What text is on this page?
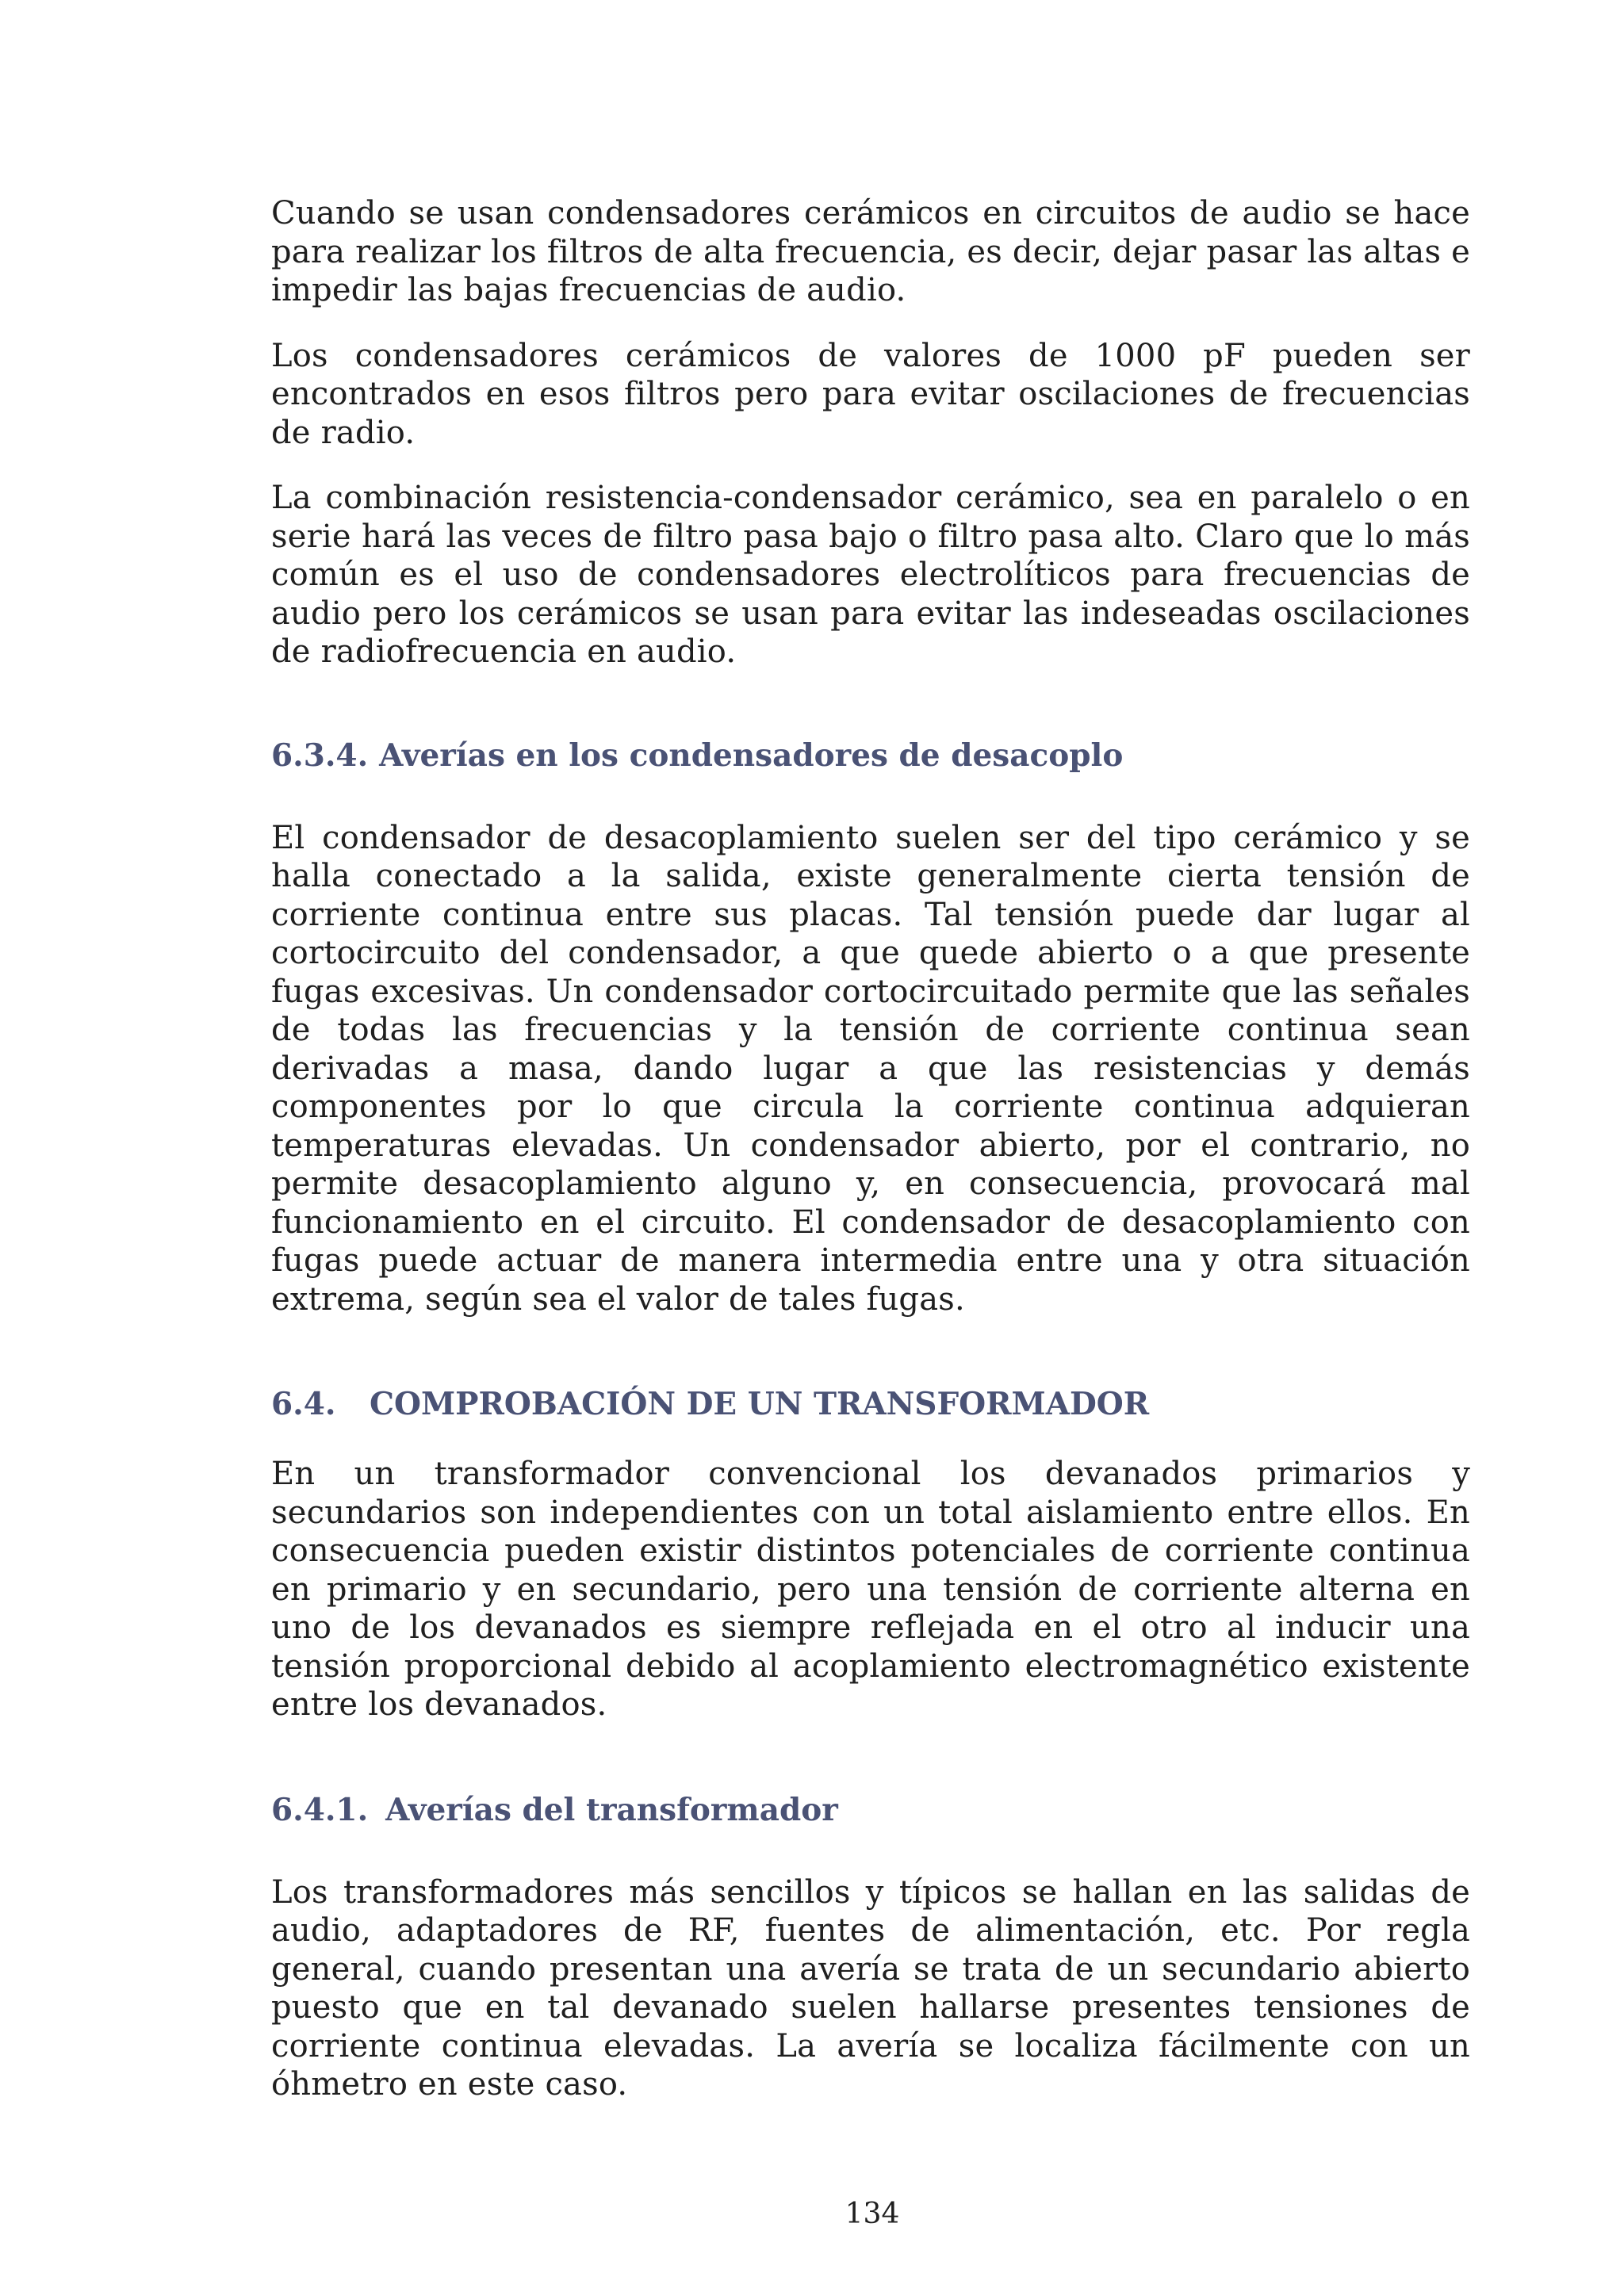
Cuando se usan condensadores cerámicos en circuitos de audio se hace para realizar los filtros de alta frecuencia, es decir, dejar pasar las altas e impedir las bajas frecuencias de audio.

Los condensadores cerámicos de valores de 1000 pF pueden ser encontrados en esos filtros pero para evitar oscilaciones de frecuencias de radio.

La combinación resistencia-condensador cerámico, sea en paralelo o en serie hará las veces de filtro pasa bajo o filtro pasa alto. Claro que lo más común es el uso de condensadores electrolíticos para frecuencias de audio pero los cerámicos se usan para evitar las indeseadas oscilaciones de radiofrecuencia en audio.

6.3.4. Averías en los condensadores de desacoplo

El condensador de desacoplamiento suelen ser del tipo cerámico y se halla conectado a la salida, existe generalmente cierta tensión de corriente continua entre sus placas. Tal tensión puede dar lugar al cortocircuito del condensador, a que quede abierto o a que presente fugas excesivas. Un condensador cortocircuitado permite que las señales de todas las frecuencias y la tensión de corriente continua sean derivadas a masa, dando lugar a que las resistencias y demás componentes por lo que circula la corriente continua adquieran temperaturas elevadas. Un condensador abierto, por el contrario, no permite desacoplamiento alguno y, en consecuencia, provocará mal funcionamiento en el circuito. El condensador de desacoplamiento con fugas puede actuar de manera intermedia entre una y otra situación extrema, según sea el valor de tales fugas.

6.4. COMPROBACIÓN DE UN TRANSFORMADOR

En un transformador convencional los devanados primarios y secundarios son independientes con un total aislamiento entre ellos. En consecuencia pueden existir distintos potenciales de corriente continua en primario y en secundario, pero una tensión de corriente alterna en uno de los devanados es siempre reflejada en el otro al inducir una tensión proporcional debido al acoplamiento electromagnético existente entre los devanados.

6.4.1. Averías del transformador

Los transformadores más sencillos y típicos se hallan en las salidas de audio, adaptadores de RF, fuentes de alimentación, etc. Por regla general, cuando presentan una avería se trata de un secundario abierto puesto que en tal devanado suelen hallarse presentes tensiones de corriente continua elevadas. La avería se localiza fácilmente con un óhmetro en este caso.

134
